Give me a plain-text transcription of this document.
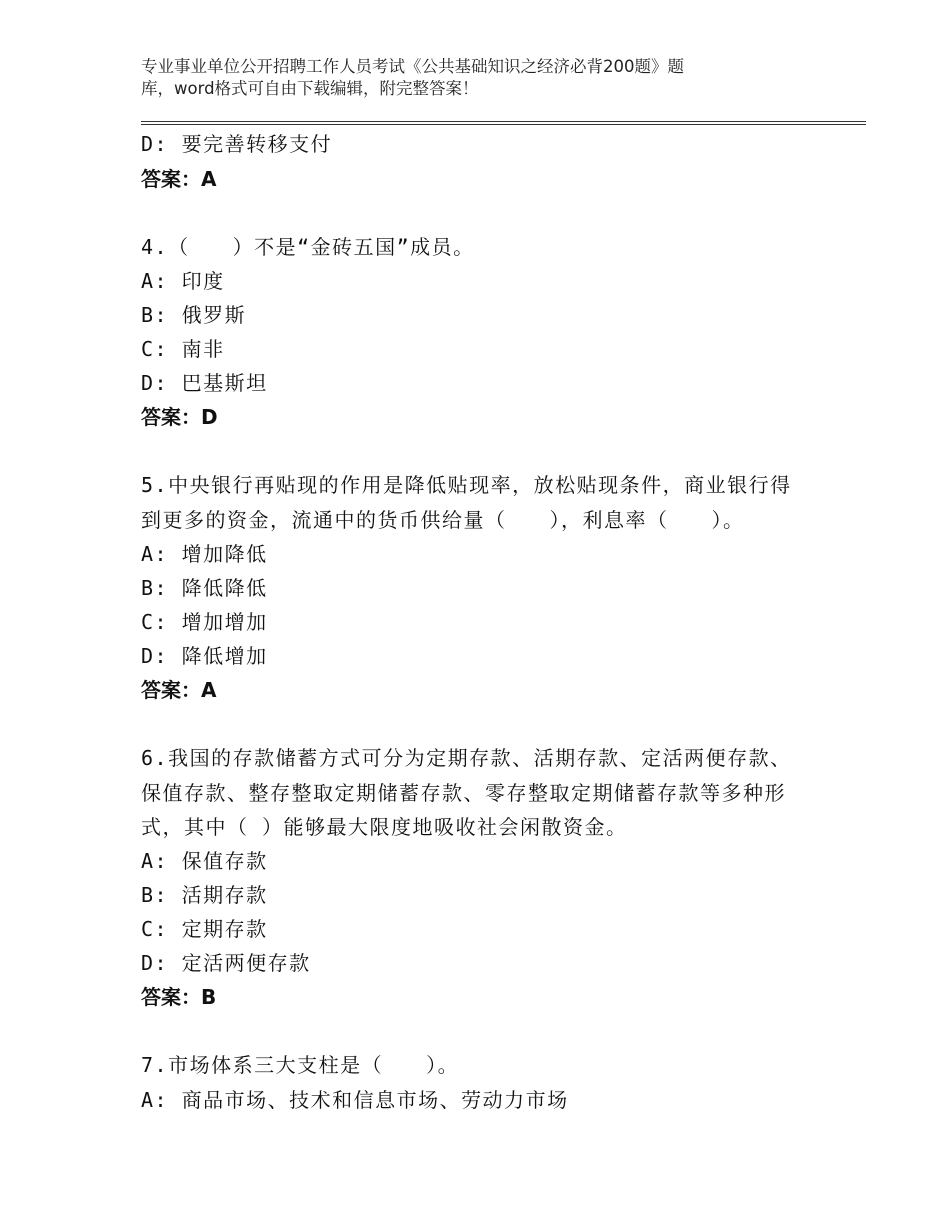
专业事业单位公开招聘工作人员考试《公共基础知识之经济必背200题》题
库，word格式可自由下载编辑，附完整答案！
D: 要完善转移支付
答案：A
4.（　　）不是“金砖五国”成员。
A: 印度
B: 俄罗斯
C: 南非
D: 巴基斯坦
答案：D
5.中央银行再贴现的作用是降低贴现率，放松贴现条件，商业银行得
到更多的资金，流通中的货币供给量（　　），利息率（　　）。
A: 增加降低
B: 降低降低
C: 增加增加
D: 降低增加
答案：A
6.我国的存款储蓄方式可分为定期存款、活期存款、定活两便存款、
保值存款、整存整取定期储蓄存款、零存整取定期储蓄存款等多种形
式，其中（ ）能够最大限度地吸收社会闲散资金。
A: 保值存款
B: 活期存款
C: 定期存款
D: 定活两便存款
答案：B
7.市场体系三大支柱是（　　）。
A: 商品市场、技术和信息市场、劳动力市场
